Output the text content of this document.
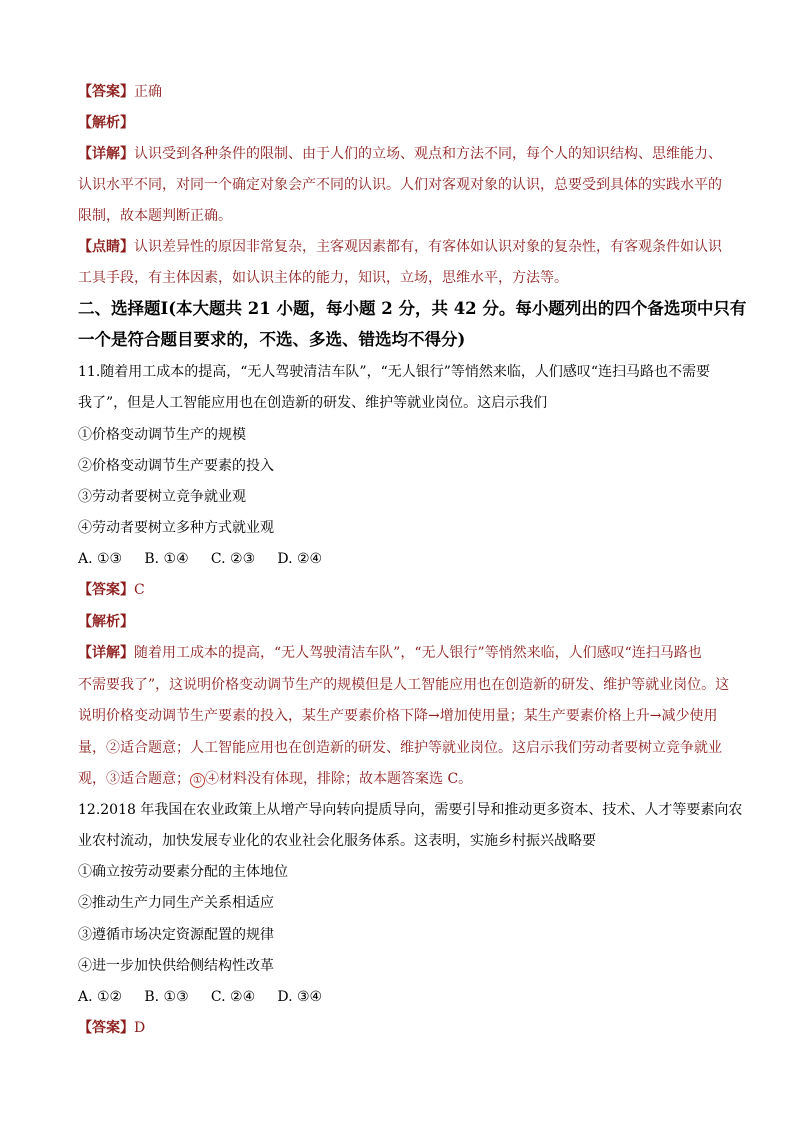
【答案】正确
【解析】
【详解】认识受到各种条件的限制、由于人们的立场、观点和方法不同，每个人的知识结构、思维能力、
认识水平不同，对同一个确定对象会产不同的认识。人们对客观对象的认识，总要受到具体的实践水平的
限制，故本题判断正确。
【点睛】认识差异性的原因非常复杂，主客观因素都有，有客体如认识对象的复杂性，有客观条件如认识
工具手段，有主体因素，如认识主体的能力，知识，立场，思维水平，方法等。
二、选择题Ⅰ(本大题共 21 小题，每小题 2 分，共 42 分。每小题列出的四个备选项中只有
一个是符合题目要求的，不选、多选、错选均不得分)
11.随着用工成本的提高，“无人驾驶清洁车队”，“无人银行”等悄然来临，人们感叹“连扫马路也不需要
我了”，但是人工智能应用也在创造新的研发、维护等就业岗位。这启示我们
①价格变动调节生产的规模
②价格变动调节生产要素的投入
③劳动者要树立竞争就业观
④劳动者要树立多种方式就业观
A. ①③     B. ①④     C. ②③     D. ②④
【答案】C
【解析】
【详解】随着用工成本的提高，“无人驾驶清洁车队”，“无人银行”等悄然来临，人们感叹“连扫马路也
不需要我了”，这说明价格变动调节生产的规模但是人工智能应用也在创造新的研发、维护等就业岗位。这
说明价格变动调节生产要素的投入，某生产要素价格下降→增加使用量；某生产要素价格上升→减少使用
量，②适合题意；人工智能应用也在创造新的研发、维护等就业岗位。这启示我们劳动者要树立竞争就业
观，③适合题意； ① ④材料没有体现，排除；故本题答案选 C。
12.2018 年我国在农业政策上从增产导向转向提质导向，需要引导和推动更多资本、技术、人才等要素向农
业农村流动，加快发展专业化的农业社会化服务体系。这表明，实施乡村振兴战略要
①确立按劳动要素分配的主体地位
②推动生产力同生产关系相适应
③遵循市场决定资源配置的规律
④进一步加快供给侧结构性改革
A. ①②     B. ①③     C. ②④     D. ③④
【答案】D
